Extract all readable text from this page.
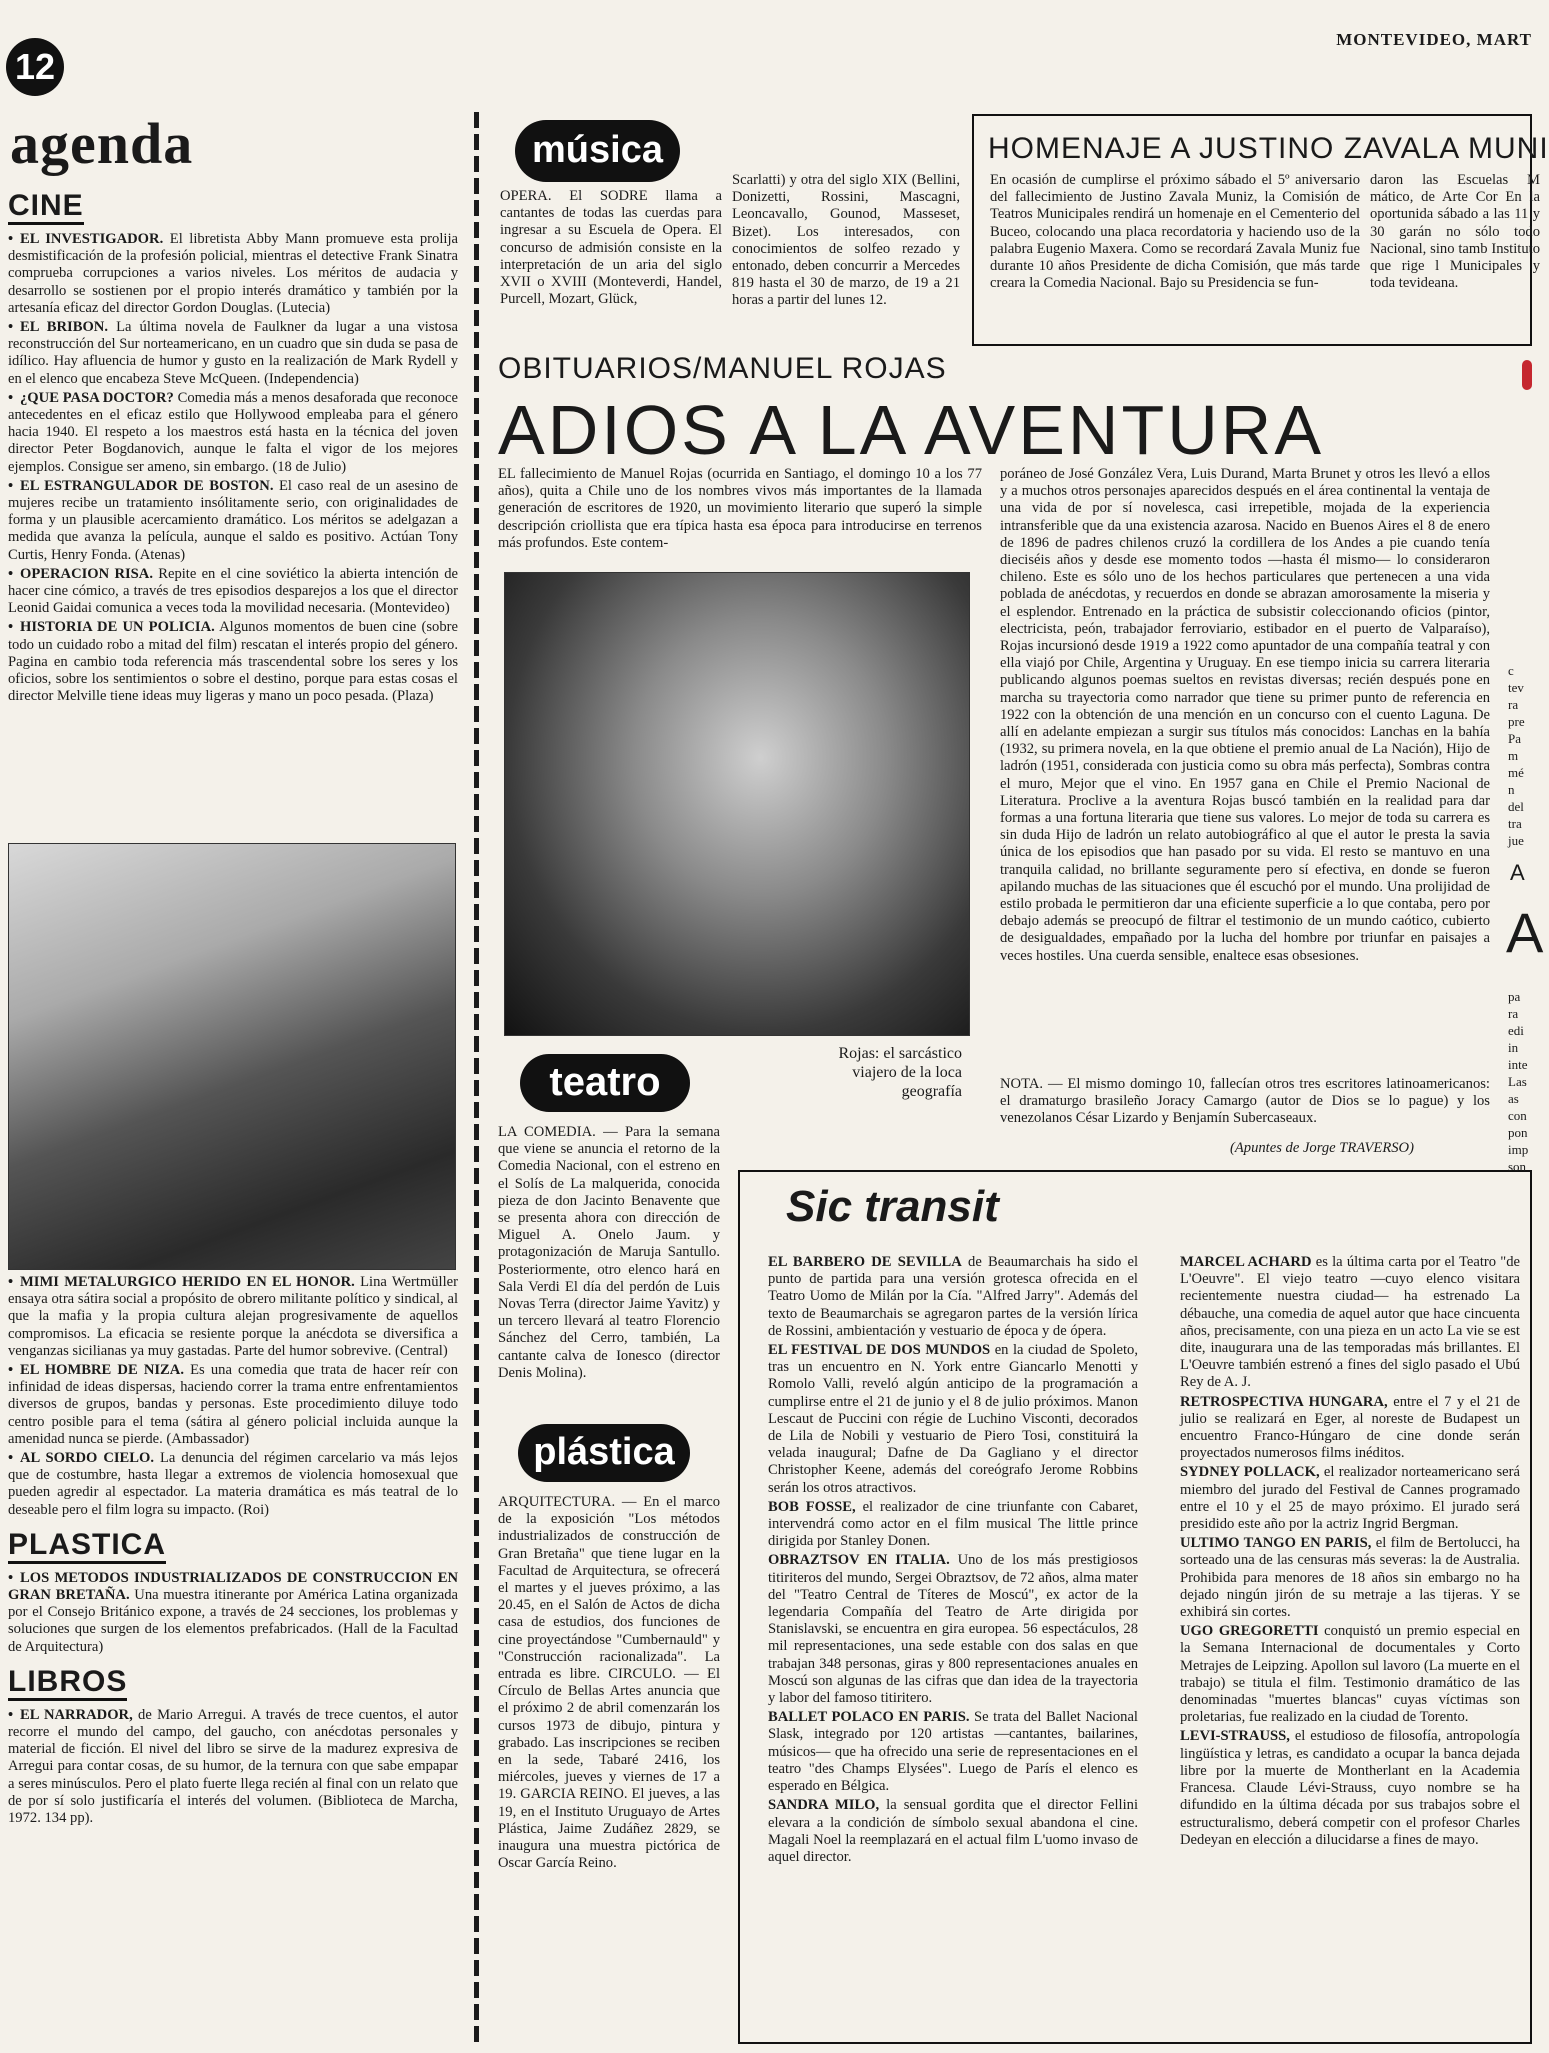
12
MONTEVIDEO, MART
agenda
CINE

• EL INVESTIGADOR. El libretista Abby Mann promueve esta prolija desmistificación de la profesión policial, mientras el detective Frank Sinatra comprueba corrupciones a varios niveles. Los méritos de audacia y desarrollo se sostienen por el propio interés dramático y también por la artesanía eficaz del director Gordon Douglas. (Lutecia)

• EL BRIBON. La última novela de Faulkner da lugar a una vistosa reconstrucción del Sur norteamericano, en un cuadro que sin duda se pasa de idílico. Hay afluencia de humor y gusto en la realización de Mark Rydell y en el elenco que encabeza Steve McQueen. (Independencia)

• ¿QUE PASA DOCTOR? Comedia más a menos desaforada que reconoce antecedentes en el eficaz estilo que Hollywood empleaba para el género hacia 1940. El respeto a los maestros está hasta en la técnica del joven director Peter Bogdanovich, aunque le falta el vigor de los mejores ejemplos. Consigue ser ameno, sin embargo. (18 de Julio)

• EL ESTRANGULADOR DE BOSTON. El caso real de un asesino de mujeres recibe un tratamiento insólitamente serio, con originalidades de forma y un plausible acercamiento dramático. Los méritos se adelgazan a medida que avanza la película, aunque el saldo es positivo. Actúan Tony Curtis, Henry Fonda. (Atenas)

• OPERACION RISA. Repite en el cine soviético la abierta intención de hacer cine cómico, a través de tres episodios desparejos a los que el director Leonid Gaidai comunica a veces toda la movilidad necesaria. (Montevideo)

• HISTORIA DE UN POLICIA. Algunos momentos de buen cine (sobre todo un cuidado robo a mitad del film) rescatan el interés propio del género. Pagina en cambio toda referencia más trascendental sobre los seres y los oficios, sobre los sentimientos o sobre el destino, porque para estas cosas el director Melville tiene ideas muy ligeras y mano un poco pesada. (Plaza)

• MIMI METALURGICO HERIDO EN EL HONOR. Lina Wertmüller ensaya otra sátira social a propósito de obrero militante político y sindical, al que la mafia y la propia cultura alejan progresivamente de aquellos compromisos. La eficacia se resiente porque la anécdota se diversifica a venganzas sicilianas ya muy gastadas. Parte del humor sobrevive. (Central)

• EL HOMBRE DE NIZA. Es una comedia que trata de hacer reír con infinidad de ideas dispersas, haciendo correr la trama entre enfrentamientos diversos de grupos, bandas y personas. Este procedimiento diluye todo centro posible para el tema (sátira al género policial incluida aunque la amenidad nunca se pierde. (Ambassador)

• AL SORDO CIELO. La denuncia del régimen carcelario va más lejos que de costumbre, hasta llegar a extremos de violencia homosexual que pueden agredir al espectador. La materia dramática es más teatral de lo deseable pero el film logra su impacto. (Roi)

PLASTICA

• LOS METODOS INDUSTRIALIZADOS DE CONSTRUCCION EN GRAN BRETAÑA. Una muestra itinerante por América Latina organizada por el Consejo Británico expone, a través de 24 secciones, los problemas y soluciones que surgen de los elementos prefabricados. (Hall de la Facultad de Arquitectura)

LIBROS

• EL NARRADOR, de Mario Arregui. A través de trece cuentos, el autor recorre el mundo del campo, del gaucho, con anécdotas personales y material de ficción. El nivel del libro se sirve de la madurez expresiva de Arregui para contar cosas, de su humor, de la ternura con que sabe empapar a seres minúsculos. Pero el plato fuerte llega recién al final con un relato que de por sí solo justificaría el interés del volumen. (Biblioteca de Marcha, 1972. 134 pp).

música

OPERA. El SODRE llama a cantantes de todas las cuerdas para ingresar a su Escuela de Opera. El concurso de admisión consiste en la interpretación de un aria del siglo XVII o XVIII (Monteverdi, Handel, Purcell, Mozart, Glück,

Scarlatti) y otra del siglo XIX (Bellini, Donizetti, Rossini, Mascagni, Leoncavallo, Gounod, Masseset, Bizet). Los interesados, con conocimientos de solfeo rezado y entonado, deben concurrir a Mercedes 819 hasta el 30 de marzo, de 19 a 21 horas a partir del lunes 12.

HOMENAJE A JUSTINO ZAVALA MUNI

En ocasión de cumplirse el próximo sábado el 5º aniversario del fallecimiento de Justino Zavala Muniz, la Comisión de Teatros Municipales rendirá un homenaje en el Cementerio del Buceo, colocando una placa recordatoria y haciendo uso de la palabra Eugenio Maxera. Como se recordará Zavala Muniz fue durante 10 años Presidente de dicha Comisión, que más tarde creara la Comedia Nacional. Bajo su Presidencia se fun-

daron las Escuelas M mático, de Arte Cor En la oportunida sábado a las 11 y 30 garán no sólo todo Nacional, sino tamb Instituto que rige l Municipales y toda tevideana.

OBITUARIOS/MANUEL ROJAS
ADIOS A LA AVENTURA

EL fallecimiento de Manuel Rojas (ocurrida en Santiago, el domingo 10 a los 77 años), quita a Chile uno de los nombres vivos más importantes de la llamada generación de escritores de 1920, un movimiento literario que superó la simple descripción criollista que era típica hasta esa época para introducirse en terrenos más profundos. Este contem-

Rojas: el sarcástico viajero de la loca geografía

poráneo de José González Vera, Luis Durand, Marta Brunet y otros les llevó a ellos y a muchos otros personajes aparecidos después en el área continental la ventaja de una vida de por sí novelesca, casi irrepetible, mojada de la experiencia intransferible que da una existencia azarosa. Nacido en Buenos Aires el 8 de enero de 1896 de padres chilenos cruzó la cordillera de los Andes a pie cuando tenía dieciséis años y desde ese momento todos —hasta él mismo— lo consideraron chileno. Este es sólo uno de los hechos particulares que pertenecen a una vida poblada de anécdotas, y recuerdos en donde se abrazan amorosamente la miseria y el esplendor. Entrenado en la práctica de subsistir coleccionando oficios (pintor, electricista, peón, trabajador ferroviario, estibador en el puerto de Valparaíso), Rojas incursionó desde 1919 a 1922 como apuntador de una compañía teatral y con ella viajó por Chile, Argentina y Uruguay. En ese tiempo inicia su carrera literaria publicando algunos poemas sueltos en revistas diversas; recién después pone en marcha su trayectoria como narrador que tiene su primer punto de referencia en 1922 con la obtención de una mención en un concurso con el cuento Laguna. De allí en adelante empiezan a surgir sus títulos más conocidos: Lanchas en la bahía (1932, su primera novela, en la que obtiene el premio anual de La Nación), Hijo de ladrón (1951, considerada con justicia como su obra más perfecta), Sombras contra el muro, Mejor que el vino. En 1957 gana en Chile el Premio Nacional de Literatura. Proclive a la aventura Rojas buscó también en la realidad para dar formas a una fortuna literaria que tiene sus valores. Lo mejor de toda su carrera es sin duda Hijo de ladrón un relato autobiográfico al que el autor le presta la savia única de los episodios que han pasado por su vida. El resto se mantuvo en una tranquila calidad, no brillante seguramente pero sí efectiva, en donde se fueron apilando muchas de las situaciones que él escuchó por el mundo. Una prolijidad de estilo probada le permitieron dar una eficiente superficie a lo que contaba, pero por debajo además se preocupó de filtrar el testimonio de un mundo caótico, cubierto de desigualdades, empañado por la lucha del hombre por triunfar en paisajes a veces hostiles. Una cuerda sensible, enaltece esas obsesiones.

NOTA. — El mismo domingo 10, fallecían otros tres escritores latinoamericanos: el dramaturgo brasileño Joracy Camargo (autor de Dios se lo pague) y los venezolanos César Lizardo y Benjamín Subercaseaux.

(Apuntes de Jorge TRAVERSO)
teatro

LA COMEDIA. — Para la semana que viene se anuncia el retorno de la Comedia Nacional, con el estreno en el Solís de La malquerida, conocida pieza de don Jacinto Benavente que se presenta ahora con dirección de Miguel A. Onelo Jaum. y protagonización de Maruja Santullo. Posteriormente, otro elenco hará en Sala Verdi El día del perdón de Luis Novas Terra (director Jaime Yavitz) y un tercero llevará al teatro Florencio Sánchez del Cerro, también, La cantante calva de Ionesco (director Denis Molina).

plástica

ARQUITECTURA. — En el marco de la exposición "Los métodos industrializados de construcción de Gran Bretaña" que tiene lugar en la Facultad de Arquitectura, se ofrecerá el martes y el jueves próximo, a las 20.45, en el Salón de Actos de dicha casa de estudios, dos funciones de cine proyectándose "Cumbernauld" y "Construcción racionalizada". La entrada es libre. CIRCULO. — El Círculo de Bellas Artes anuncia que el próximo 2 de abril comenzarán los cursos 1973 de dibujo, pintura y grabado. Las inscripciones se reciben en la sede, Tabaré 2416, los miércoles, jueves y viernes de 17 a 19. GARCIA REINO. El jueves, a las 19, en el Instituto Uruguayo de Artes Plástica, Jaime Zudáñez 2829, se inaugura una muestra pictórica de Oscar García Reino.

Sic transit

EL BARBERO DE SEVILLA de Beaumarchais ha sido el punto de partida para una versión grotesca ofrecida en el Teatro Uomo de Milán por la Cía. "Alfred Jarry". Además del texto de Beaumarchais se agregaron partes de la versión lírica de Rossini, ambientación y vestuario de época y de ópera.

EL FESTIVAL DE DOS MUNDOS en la ciudad de Spoleto, tras un encuentro en N. York entre Giancarlo Menotti y Romolo Valli, reveló algún anticipo de la programación a cumplirse entre el 21 de junio y el 8 de julio próximos. Manon Lescaut de Puccini con régie de Luchino Visconti, decorados de Lila de Nobili y vestuario de Piero Tosi, constituirá la velada inaugural; Dafne de Da Gagliano y el director Christopher Keene, además del coreógrafo Jerome Robbins serán los otros atractivos.

BOB FOSSE, el realizador de cine triunfante con Cabaret, intervendrá como actor en el film musical The little prince dirigida por Stanley Donen.

OBRAZTSOV EN ITALIA. Uno de los más prestigiosos titiriteros del mundo, Sergei Obraztsov, de 72 años, alma mater del "Teatro Central de Títeres de Moscú", ex actor de la legendaria Compañía del Teatro de Arte dirigida por Stanislavski, se encuentra en gira europea. 56 espectáculos, 28 mil representaciones, una sede estable con dos salas en que trabajan 348 personas, giras y 800 representaciones anuales en Moscú son algunas de las cifras que dan idea de la trayectoria y labor del famoso titiritero.

BALLET POLACO EN PARIS. Se trata del Ballet Nacional Slask, integrado por 120 artistas —cantantes, bailarines, músicos— que ha ofrecido una serie de representaciones en el teatro "des Champs Elysées". Luego de París el elenco es esperado en Bélgica.

SANDRA MILO, la sensual gordita que el director Fellini elevara a la condición de símbolo sexual abandona el cine. Magali Noel la reemplazará en el actual film L'uomo invaso de aquel director.

MARCEL ACHARD es la última carta por el Teatro "de L'Oeuvre". El viejo teatro —cuyo elenco visitara recientemente nuestra ciudad— ha estrenado La débauche, una comedia de aquel autor que hace cincuenta años, precisamente, con una pieza en un acto La vie se est dite, inaugurara una de las temporadas más brillantes. El L'Oeuvre también estrenó a fines del siglo pasado el Ubú Rey de A. J.

RETROSPECTIVA HUNGARA, entre el 7 y el 21 de julio se realizará en Eger, al noreste de Budapest un encuentro Franco-Húngaro de cine donde serán proyectados numerosos films inéditos.

SYDNEY POLLACK, el realizador norteamericano será miembro del jurado del Festival de Cannes programado entre el 10 y el 25 de mayo próximo. El jurado será presidido este año por la actriz Ingrid Bergman.

ULTIMO TANGO EN PARIS, el film de Bertolucci, ha sorteado una de las censuras más severas: la de Australia. Prohibida para menores de 18 años sin embargo no ha dejado ningún jirón de su metraje a las tijeras. Y se exhibirá sin cortes.

UGO GREGORETTI conquistó un premio especial en la Semana Internacional de documentales y Corto Metrajes de Leipzing. Apollon sul lavoro (La muerte en el trabajo) se titula el film. Testimonio dramático de las denominadas "muertes blancas" cuyas víctimas son proletarias, fue realizado en la ciudad de Torento.

LEVI-STRAUSS, el estudioso de filosofía, antropología lingüística y letras, es candidato a ocupar la banca dejada libre por la muerte de Montherlant en la Academia Francesa. Claude Lévi-Strauss, cuyo nombre se ha difundido en la última década por sus trabajos sobre el estructuralismo, deberá competir con el profesor Charles Dedeyan en elección a dilucidarse a fines de mayo.

c tev ra pre Pa m mé n del tra jue

A
A

pa ra edi in inte Las as con pon imp son
